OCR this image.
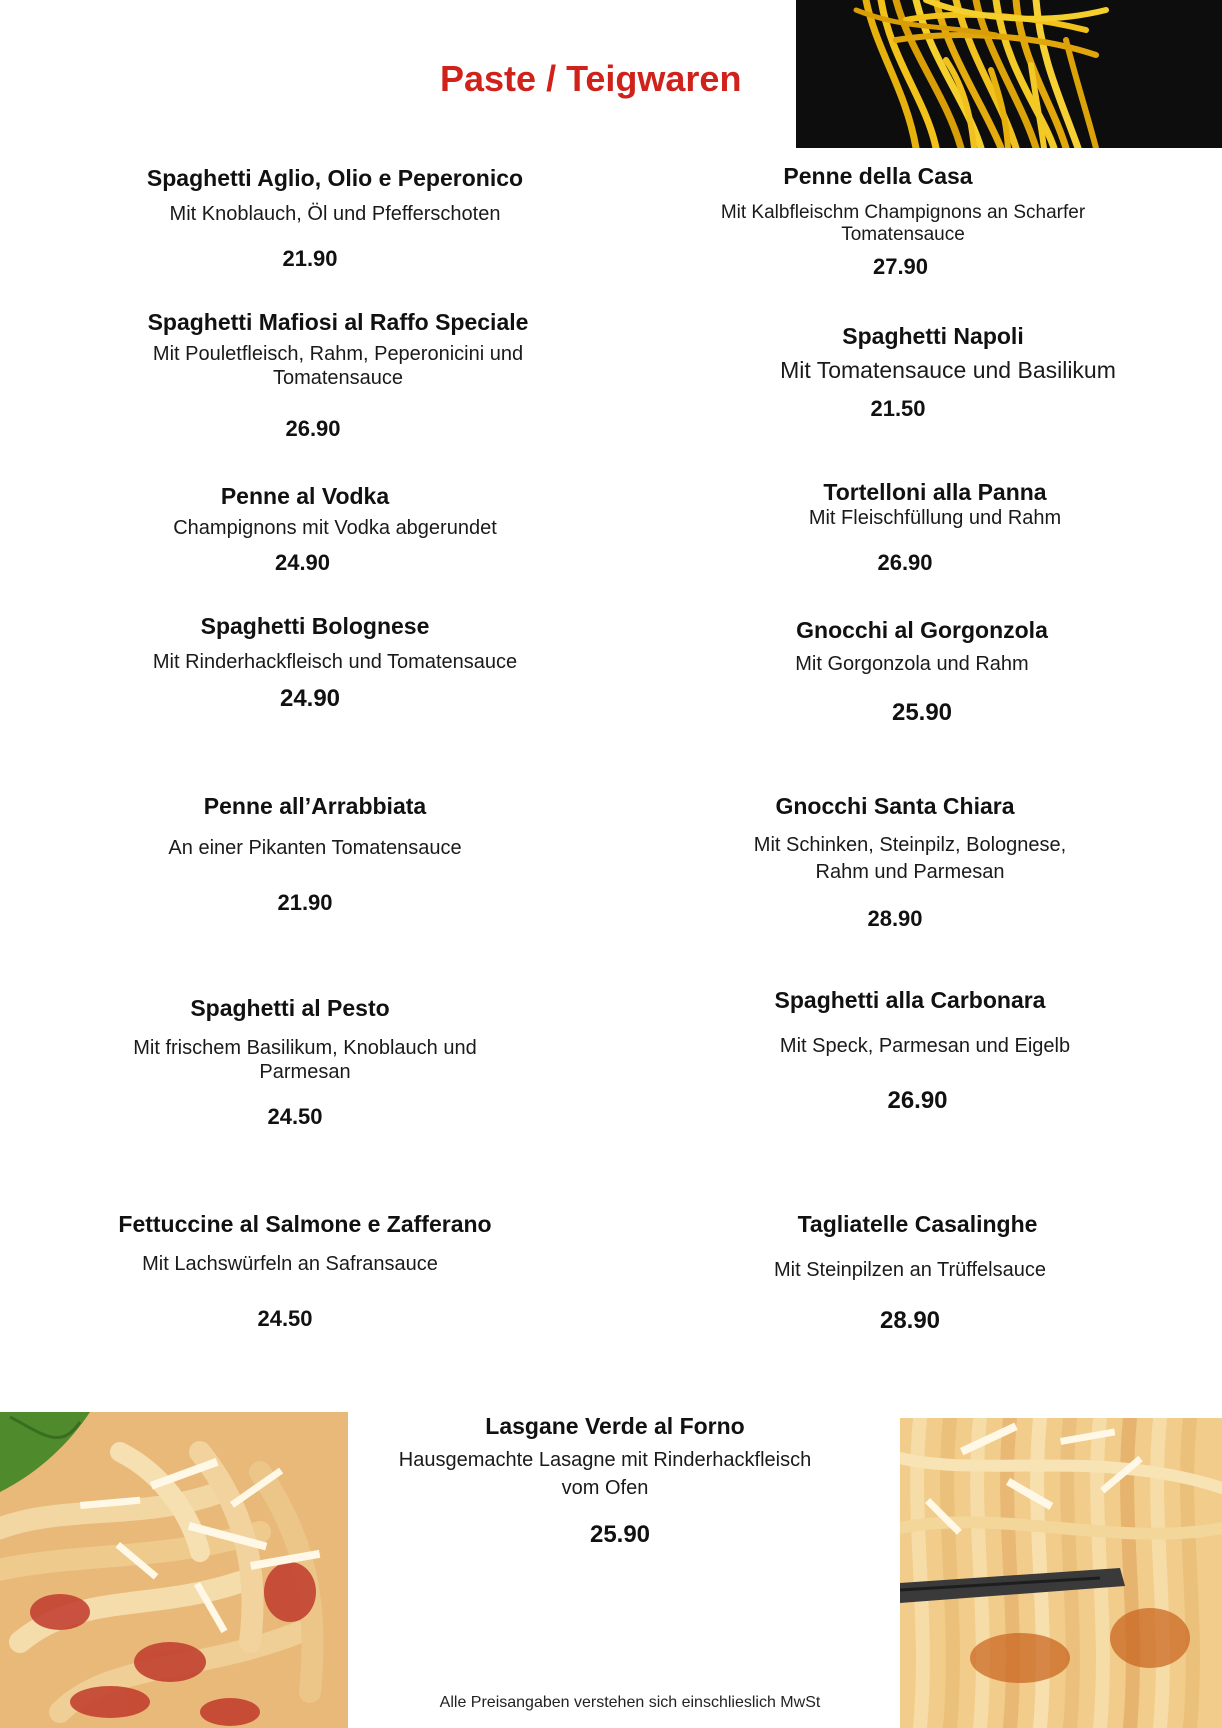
Paste / Teigwaren
Spaghetti Aglio, Olio e Peperonico
Mit Knoblauch, Öl und Pfefferschoten
21.90
Spaghetti Mafiosi al Raffo Speciale
Mit Pouletfleisch, Rahm, Peperonicini und Tomatensauce
26.90
Penne al Vodka
Champignons mit Vodka abgerundet
24.90
Spaghetti Bolognese
Mit Rinderhackfleisch und Tomatensauce
24.90
Penne all’Arrabbiata
An einer Pikanten Tomatensauce
21.90
Spaghetti al Pesto
Mit frischem Basilikum, Knoblauch und Parmesan
24.50
Fettuccine al Salmone e Zafferano
Mit Lachswürfeln an Safransauce
24.50
Penne della Casa
Mit Kalbfleischm Champignons an Scharfer Tomatensauce
27.90
Spaghetti Napoli
Mit Tomatensauce und Basilikum
21.50
Tortelloni alla Panna
Mit Fleischfüllung und Rahm
26.90
Gnocchi al Gorgonzola
Mit Gorgonzola und Rahm
25.90
Gnocchi Santa Chiara
Mit Schinken, Steinpilz, Bolognese, Rahm und Parmesan
28.90
Spaghetti alla Carbonara
Mit Speck, Parmesan und Eigelb
26.90
Tagliatelle Casalinghe
Mit Steinpilzen an Trüffelsauce
28.90
Lasgane Verde al Forno
Hausgemachte Lasagne mit Rinderhackfleisch vom Ofen
25.90
Alle Preisangaben verstehen sich einschlieslich MwSt
